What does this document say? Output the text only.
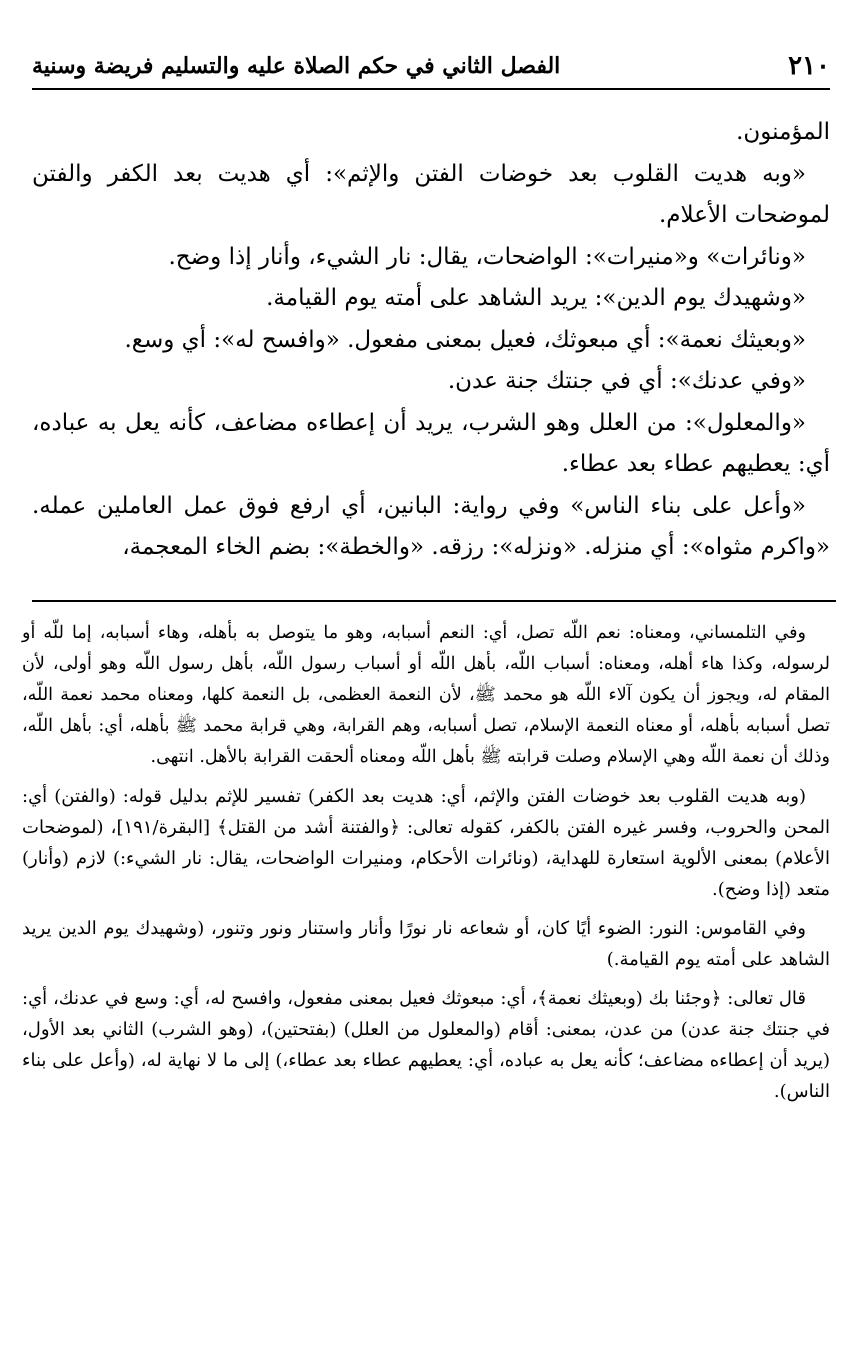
٢١٠
الفصل الثاني في حكم الصلاة عليه والتسليم فريضة وسنية

المؤمنون.

«وبه هديت القلوب بعد خوضات الفتن والإثم»: أي هديت بعد الكفر والفتن لموضحات الأعلام.

«ونائرات» و«منيرات»: الواضحات، يقال: نار الشيء، وأنار إذا وضح.

«وشهيدك يوم الدين»: يريد الشاهد على أمته يوم القيامة.

«وبعيثك نعمة»: أي مبعوثك، فعيل بمعنى مفعول. «وافسح له»: أي وسع.

«وفي عدنك»: أي في جنتك جنة عدن.

«والمعلول»: من العلل وهو الشرب، يريد أن إعطاءه مضاعف، كأنه يعل به عباده، أي: يعطيهم عطاء بعد عطاء.

«وأعل على بناء الناس» وفي رواية: البانين، أي ارفع فوق عمل العاملين عمله. «واكرم مثواه»: أي منزله. «ونزله»: رزقه. «والخطة»: بضم الخاء المعجمة،

وفي التلمساني، ومعناه: نعم اللّه تصل، أي: النعم أسبابه، وهو ما يتوصل به بأهله، وهاء أسبابه، إما للّه أو لرسوله، وكذا هاء أهله، ومعناه: أسباب اللّه، بأهل اللّه أو أسباب رسول اللّه، بأهل رسول اللّه وهو أولى، لأن المقام له، ويجوز أن يكون آلاء اللّه هو محمد ﷺ، لأن النعمة العظمى، بل النعمة كلها، ومعناه محمد نعمة اللّه، تصل أسبابه بأهله، أو معناه النعمة الإسلام، تصل أسبابه، وهم القرابة، وهي قرابة محمد ﷺ بأهله، أي: بأهل اللّه، وذلك أن نعمة اللّه وهي الإسلام وصلت قرابته ﷺ بأهل اللّه ومعناه ألحقت القرابة بالأهل. انتهى.

(وبه هديت القلوب بعد خوضات الفتن والإثم، أي: هديت بعد الكفر) تفسير للإثم بدليل قوله: (والفتن) أي: المحن والحروب، وفسر غيره الفتن بالكفر، كقوله تعالى: ﴿والفتنة أشد من القتل﴾ [البقرة/١٩١]، (لموضحات الأعلام) بمعنى الألوية استعارة للهداية، (ونائرات الأحكام، ومنيرات الواضحات، يقال: نار الشيء:) لازم (وأنار) متعد (إذا وضح).

وفي القاموس: النور: الضوء أيًا كان، أو شعاعه نار نورًا وأنار واستنار ونور وتنور، (وشهيدك يوم الدين يريد الشاهد على أمته يوم القيامة.)

قال تعالى: ﴿وجئنا بك (وبعيثك نعمة﴾، أي: مبعوثك فعيل بمعنى مفعول، وافسح له، أي: وسع في عدنك، أي: في جنتك جنة عدن) من عدن، بمعنى: أقام (والمعلول من العلل) (بفتحتين)، (وهو الشرب) الثاني بعد الأول، (يريد أن إعطاءه مضاعف؛ كأنه يعل به عباده، أي: يعطيهم عطاء بعد عطاء،) إلى ما لا نهاية له، (وأعل على بناء الناس).
